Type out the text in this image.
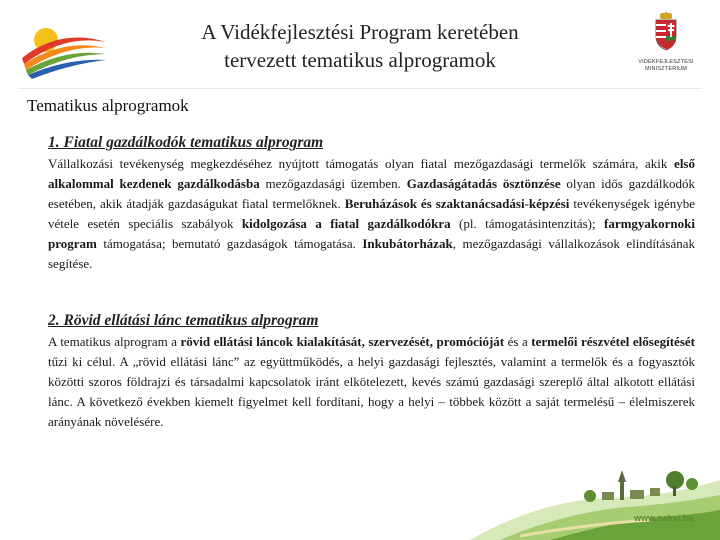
A Vidékfejlesztési Program keretében
tervezett tematikus alprogramok	VIDÉKFEJLESZTÉSI
MINISZTÉRIUM
Tematikus alprogramok
1. Fiatal gazdálkodók tematikus alprogram
Vállalkozási tevékenység megkezdéséhez nyújtott támogatás olyan fiatal mezőgazdasági termelők számára, akik első alkalommal kezdenek gazdálkodásba mezőgazdasági üzemben. Gazdaságátadás ösztönzése olyan idős gazdálkodók esetében, akik átadják gazdaságukat fiatal termelőknek. Beruházások és szaktanácsadási-képzési tevékenységek igénybe vétele esetén speciális szabályok kidolgozása a fiatal gazdálkodókra (pl. támogatásintenzitás); farmgyakornoki program támogatása; bemutató gazdaságok támogatása. Inkubátorházak, mezőgazdasági vállalkozások elindításának segítése.
2. Rövid ellátási lánc tematikus alprogram
A tematikus alprogram a rövid ellátási láncok kialakítását, szervezését, promócióját és a termelői részvétel elősegítését tűzi ki célul. A „rövid ellátási lánc” az együttműködés, a helyi gazdasági fejlesztés, valamint a termelők és a fogyasztók közötti szoros földrajzi és társadalmi kapcsolatok iránt elkötelezett, kevés számú gazdasági szereplő által alkotott ellátási lánc. A következő években kiemelt figyelmet kell fordítani, hogy a helyi – többek között a saját termelésű – élelmiszerek arányának növelésére.
www.nakvi.hu
